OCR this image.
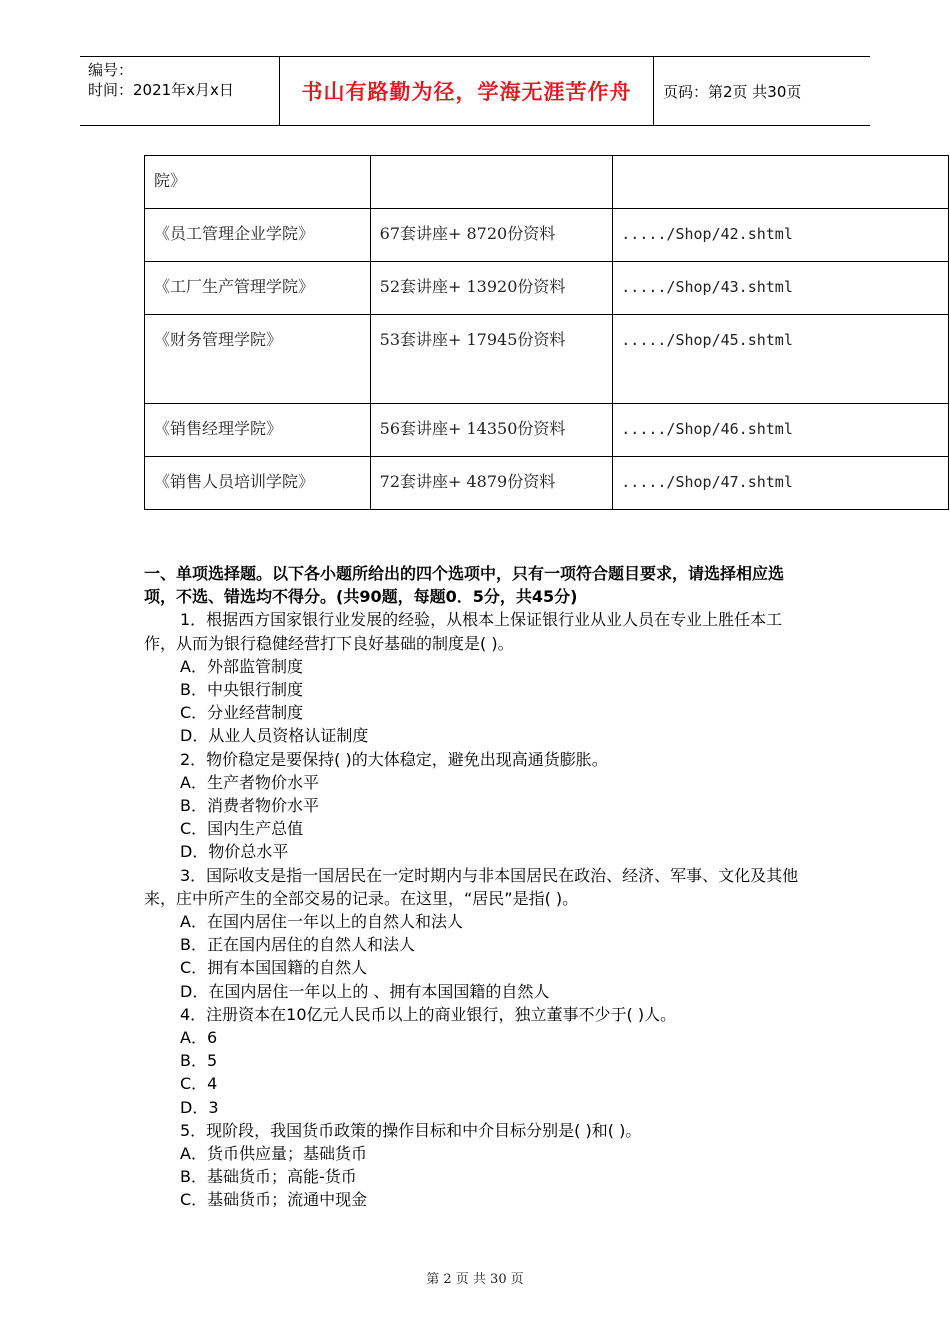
编号：
时间：2021年x月x日	书山有路勤为径，学海无涯苦作舟	页码：第2页 共30页
院》		
《员工管理企业学院》	67套讲座+ 8720份资料	...../Shop/42.shtml
《工厂生产管理学院》	52套讲座+ 13920份资料	...../Shop/43.shtml
《财务管理学院》	53套讲座+ 17945份资料	...../Shop/45.shtml
《销售经理学院》	56套讲座+ 14350份资料	...../Shop/46.shtml
《销售人员培训学院》	72套讲座+ 4879份资料	...../Shop/47.shtml
一、单项选择题。以下各小题所给出的四个选项中，只有一项符合题目要求，请选择相应选项，不选、错选均不得分。(共90题，每题0．5分，共45分)
1．根据西方国家银行业发展的经验，从根本上保证银行业从业人员在专业上胜任本工作，从而为银行稳健经营打下良好基础的制度是( )。
A．外部监管制度
B．中央银行制度
C．分业经营制度
D．从业人员资格认证制度
2．物价稳定是要保持( )的大体稳定，避免出现高通货膨胀。
A．生产者物价水平
B．消费者物价水平
C．国内生产总值
D．物价总水平
3．国际收支是指一国居民在一定时期内与非本国居民在政治、经济、军事、文化及其他来，庄中所产生的全部交易的记录。在这里，“居民”是指( )。
A．在国内居住一年以上的自然人和法人
B．正在国内居住的自然人和法人
C．拥有本国国籍的自然人
D．在国内居住一年以上的 、拥有本国国籍的自然人
4．注册资本在10亿元人民币以上的商业银行，独立董事不少于( )人。
A．6
B．5
C．4
D．3
5．现阶段，我国货币政策的操作目标和中介目标分别是( )和( )。
A．货币供应量；基础货币
B．基础货币；高能-货币
C．基础货币；流通中现金
第 2 页 共 30 页
